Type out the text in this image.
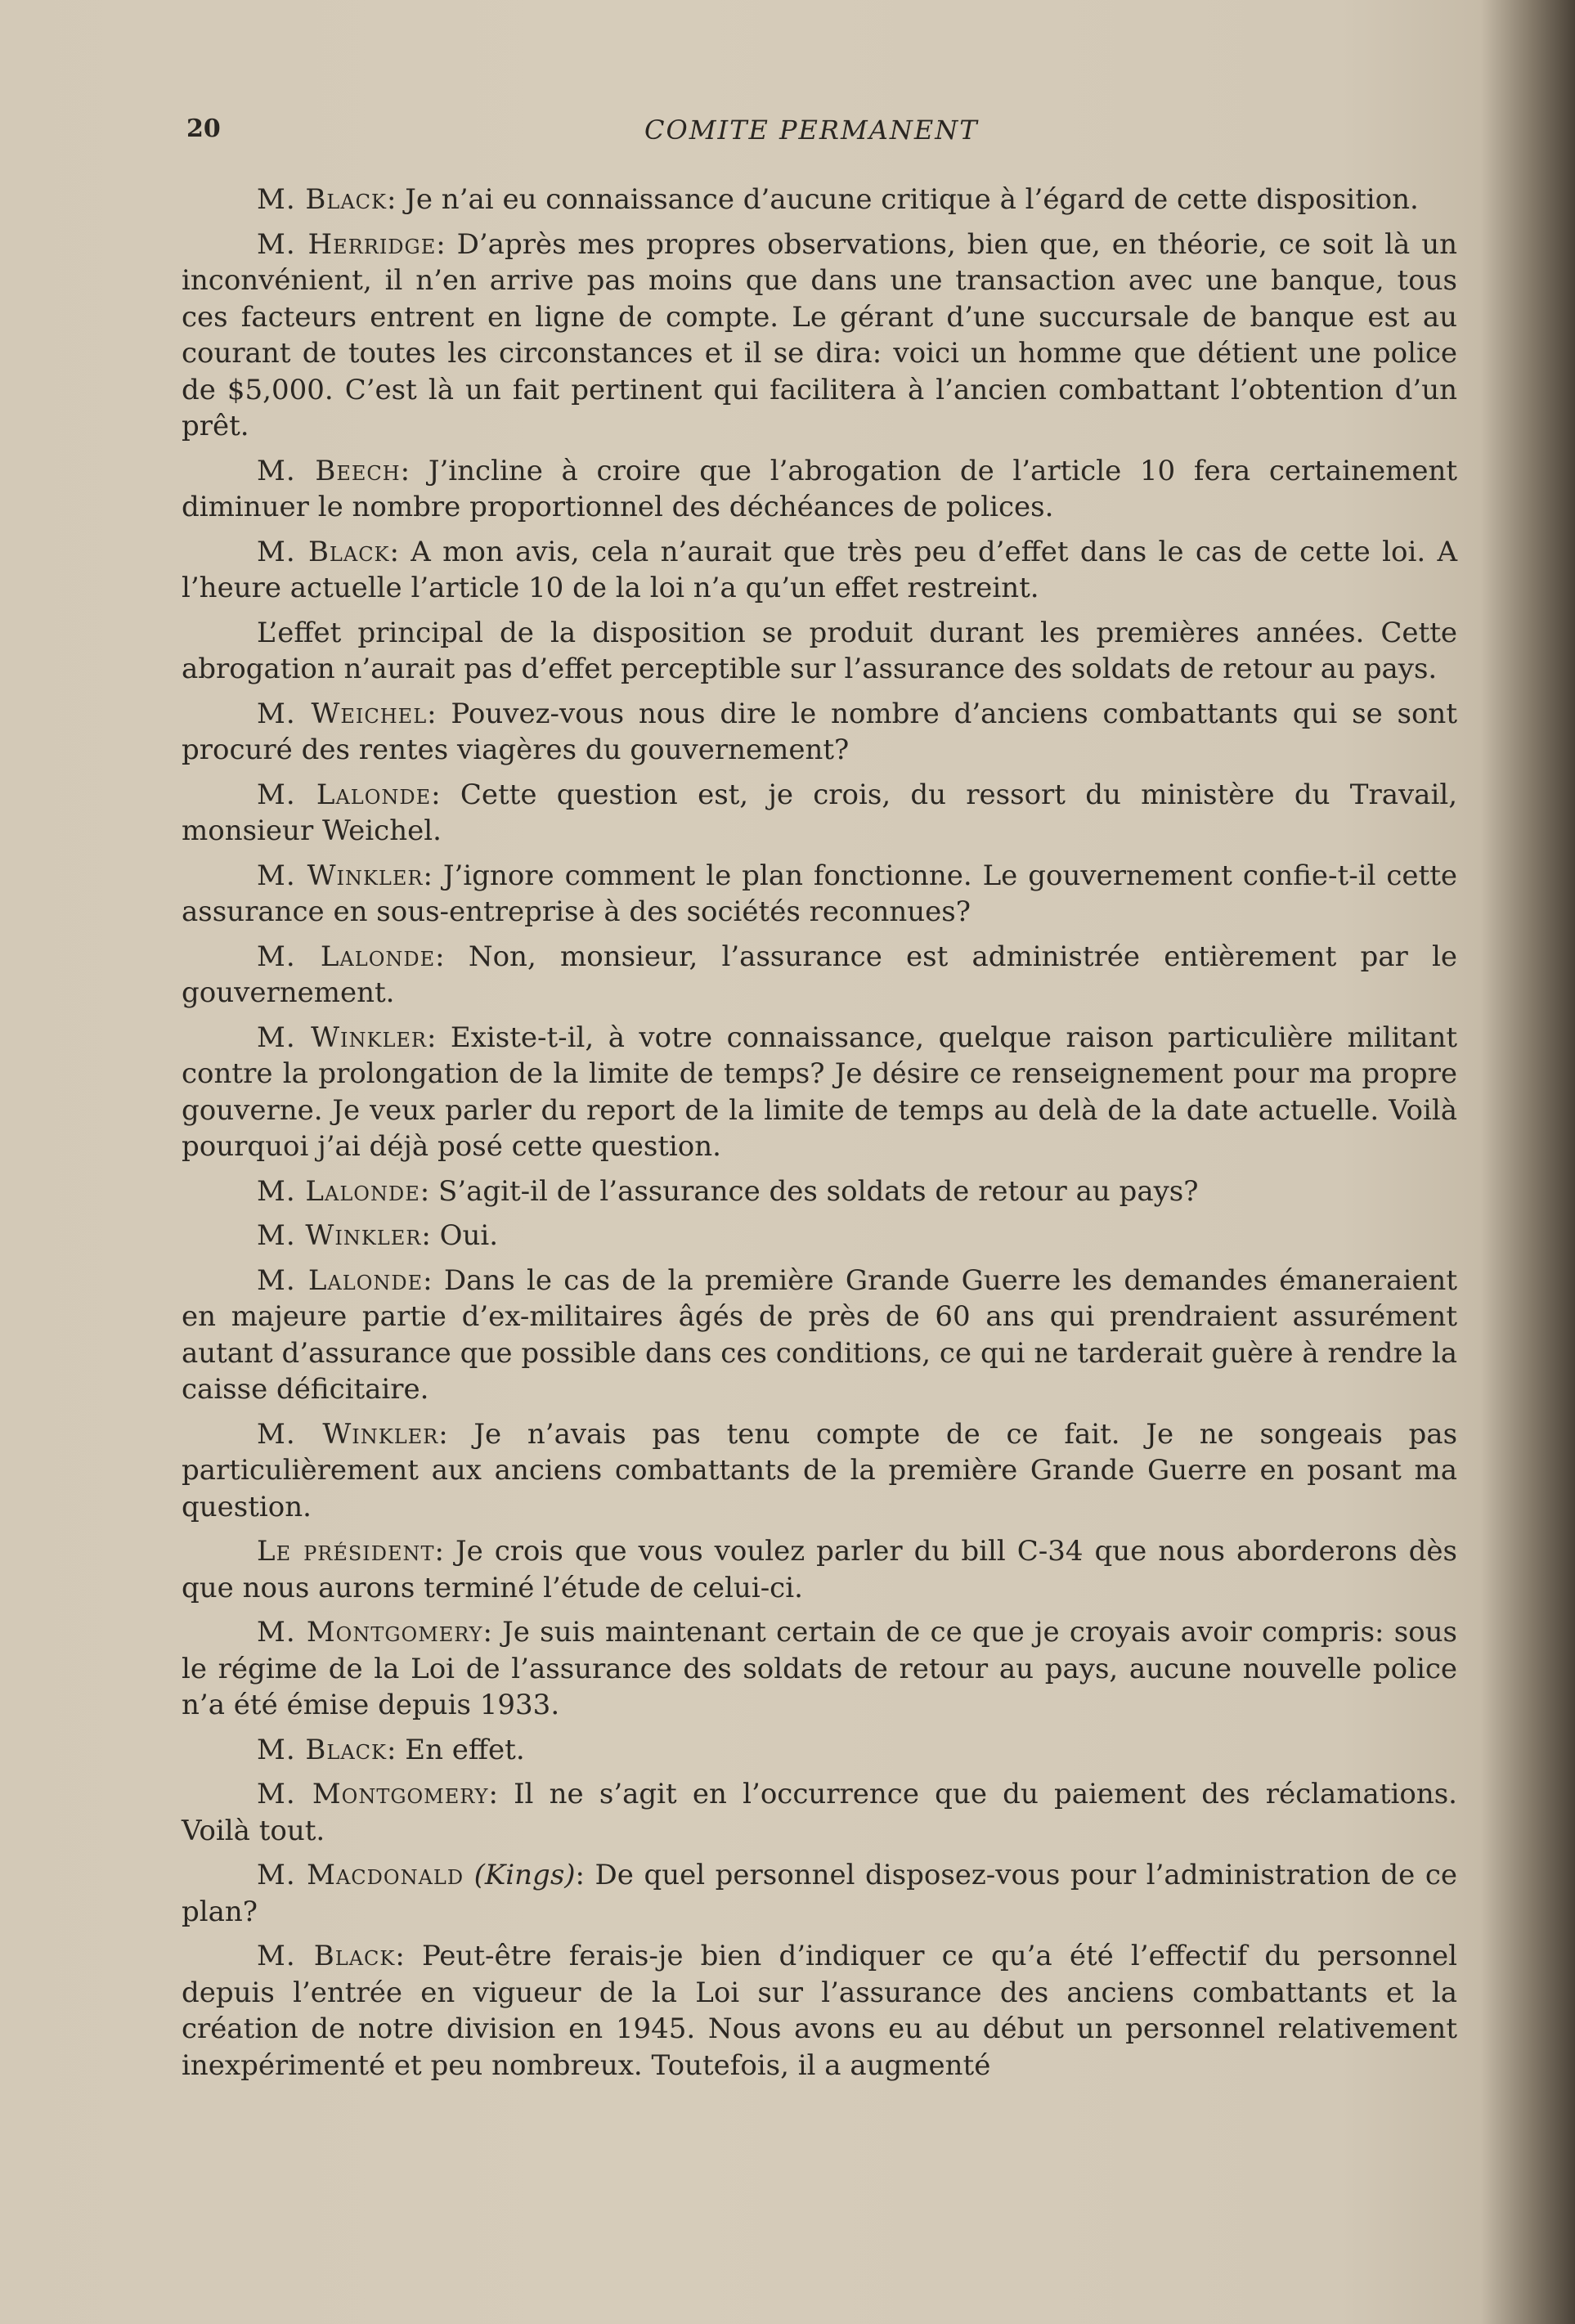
20	COMITE PERMANENT

M. Black: Je n’ai eu connaissance d’aucune critique à l’égard de cette disposition.

M. Herridge: D’après mes propres observations, bien que, en théorie, ce soit là un inconvénient, il n’en arrive pas moins que dans une transaction avec une banque, tous ces facteurs entrent en ligne de compte. Le gérant d’une succursale de banque est au courant de toutes les circonstances et il se dira: voici un homme que détient une police de $5,000. C’est là un fait pertinent qui facilitera à l’ancien combattant l’obtention d’un prêt.

M. Beech: J’incline à croire que l’abrogation de l’article 10 fera certainement diminuer le nombre proportionnel des déchéances de polices.

M. Black: A mon avis, cela n’aurait que très peu d’effet dans le cas de cette loi. A l’heure actuelle l’article 10 de la loi n’a qu’un effet restreint.

L’effet principal de la disposition se produit durant les premières années. Cette abrogation n’aurait pas d’effet perceptible sur l’assurance des soldats de retour au pays.

M. Weichel: Pouvez-vous nous dire le nombre d’anciens combattants qui se sont procuré des rentes viagères du gouvernement?

M. Lalonde: Cette question est, je crois, du ressort du ministère du Travail, monsieur Weichel.

M. Winkler: J’ignore comment le plan fonctionne. Le gouvernement confie-t-il cette assurance en sous-entreprise à des sociétés reconnues?

M. Lalonde: Non, monsieur, l’assurance est administrée entièrement par le gouvernement.

M. Winkler: Existe-t-il, à votre connaissance, quelque raison particulière militant contre la prolongation de la limite de temps? Je désire ce renseignement pour ma propre gouverne. Je veux parler du report de la limite de temps au delà de la date actuelle. Voilà pourquoi j’ai déjà posé cette question.

M. Lalonde: S’agit-il de l’assurance des soldats de retour au pays?

M. Winkler: Oui.

M. Lalonde: Dans le cas de la première Grande Guerre les demandes émaneraient en majeure partie d’ex-militaires âgés de près de 60 ans qui prendraient assurément autant d’assurance que possible dans ces conditions, ce qui ne tarderait guère à rendre la caisse déficitaire.

M. Winkler: Je n’avais pas tenu compte de ce fait. Je ne songeais pas particulièrement aux anciens combattants de la première Grande Guerre en posant ma question.

Le président: Je crois que vous voulez parler du bill C-34 que nous aborderons dès que nous aurons terminé l’étude de celui-ci.

M. Montgomery: Je suis maintenant certain de ce que je croyais avoir compris: sous le régime de la Loi de l’assurance des soldats de retour au pays, aucune nouvelle police n’a été émise depuis 1933.

M. Black: En effet.

M. Montgomery: Il ne s’agit en l’occurrence que du paiement des réclamations. Voilà tout.

M. Macdonald (Kings): De quel personnel disposez-vous pour l’administration de ce plan?

M. Black: Peut-être ferais-je bien d’indiquer ce qu’a été l’effectif du personnel depuis l’entrée en vigueur de la Loi sur l’assurance des anciens combattants et la création de notre division en 1945. Nous avons eu au début un personnel relativement inexpérimenté et peu nombreux. Toutefois, il a augmenté
